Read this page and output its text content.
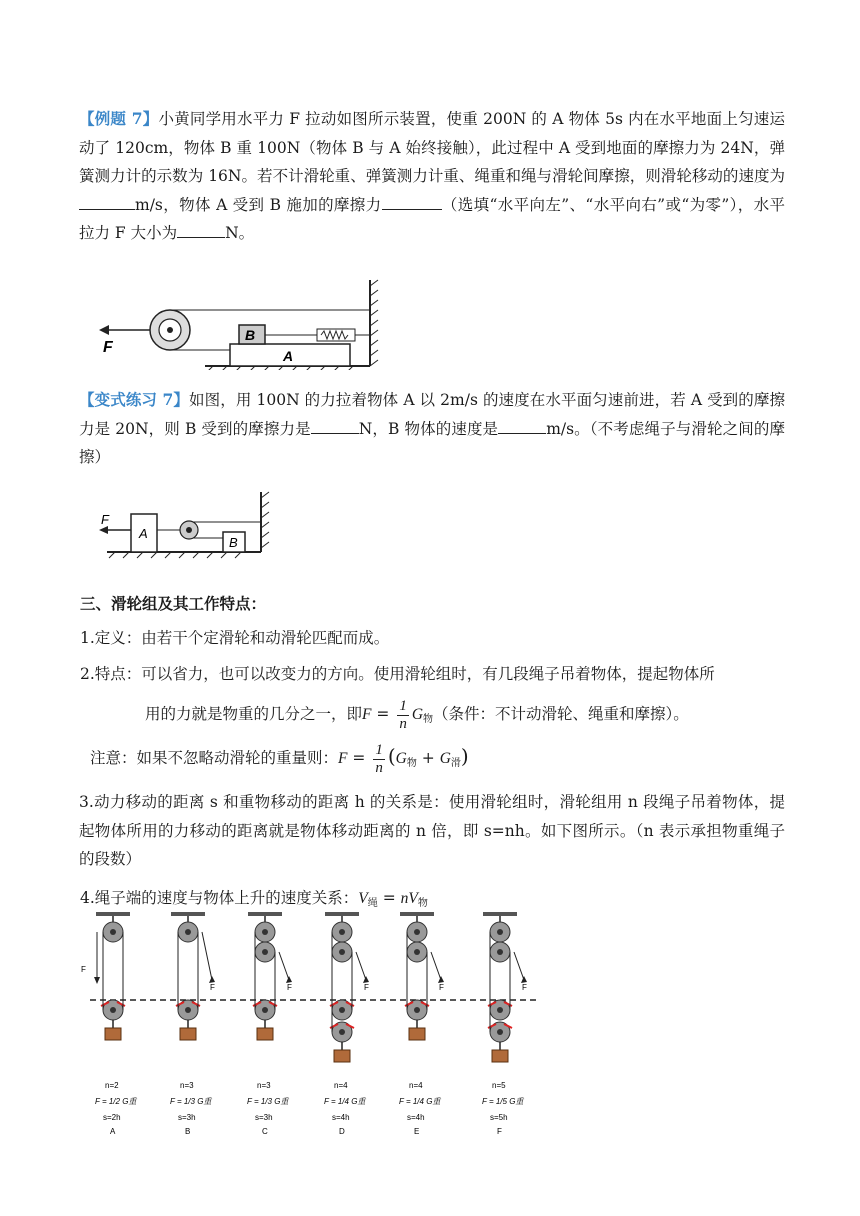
【例题 7】小黄同学用水平力 F 拉动如图所示装置，使重 200N 的 A 物体 5s 内在水平地面上匀速运动了 120cm，物体 B 重 100N（物体 B 与 A 始终接触），此过程中 A 受到地面的摩擦力为 24N，弹簧测力计的示数为 16N。若不计滑轮重、弹簧测力计重、绳重和绳与滑轮间摩擦，则滑轮移动的速度为m/s，物体 A 受到 B 施加的摩擦力	（选填“水平向左”、“水平向右”或“为零”），水平拉力 F 大小为	N。
A
B
F
【变式练习 7】如图，用 100N 的力拉着物体 A 以 2m/s 的速度在水平面匀速前进，若 A 受到的摩擦力是 20N，则 B 受到的摩擦力是	N，B 物体的速度是	m/s。（不考虑绳子与滑轮之间的摩擦）
A
B
F
三、滑轮组及其工作特点：
1.定义：由若干个定滑轮和动滑轮匹配而成。
2.特点：可以省力，也可以改变力的方向。使用滑轮组时，有几段绳子吊着物体，提起物体所
用的力就是物重的几分之一，即$F = \frac{1}{n} G_物$（条件：不计动滑轮、绳重和摩擦）。
注意：如果不忽略动滑轮的重量则：$F = \frac{1}{n} (G_物 + G_滑)$
3.动力移动的距离 s 和重物移动的距离 h 的关系是：使用滑轮组时，滑轮组用 n 段绳子吊着物体，提起物体所用的力移动的距离就是物体移动距离的 n 倍，即 s=nh。如下图所示。（n 表示承担物重绳子的段数）
4.绳子端的速度与物体上升的速度关系：$V_绳 = nV_物$
F
n=2
F = 1/2 G重
s=2h
A
F
n=3
F = 1/3 G重
s=3h
B
F
n=3
F = 1/3 G重
s=3h
C
F
n=4
F = 1/4 G重
s=4h
D
F
n=4
F = 1/4 G重
s=4h
E
F
n=5
F = 1/5 G重
s=5h
F
